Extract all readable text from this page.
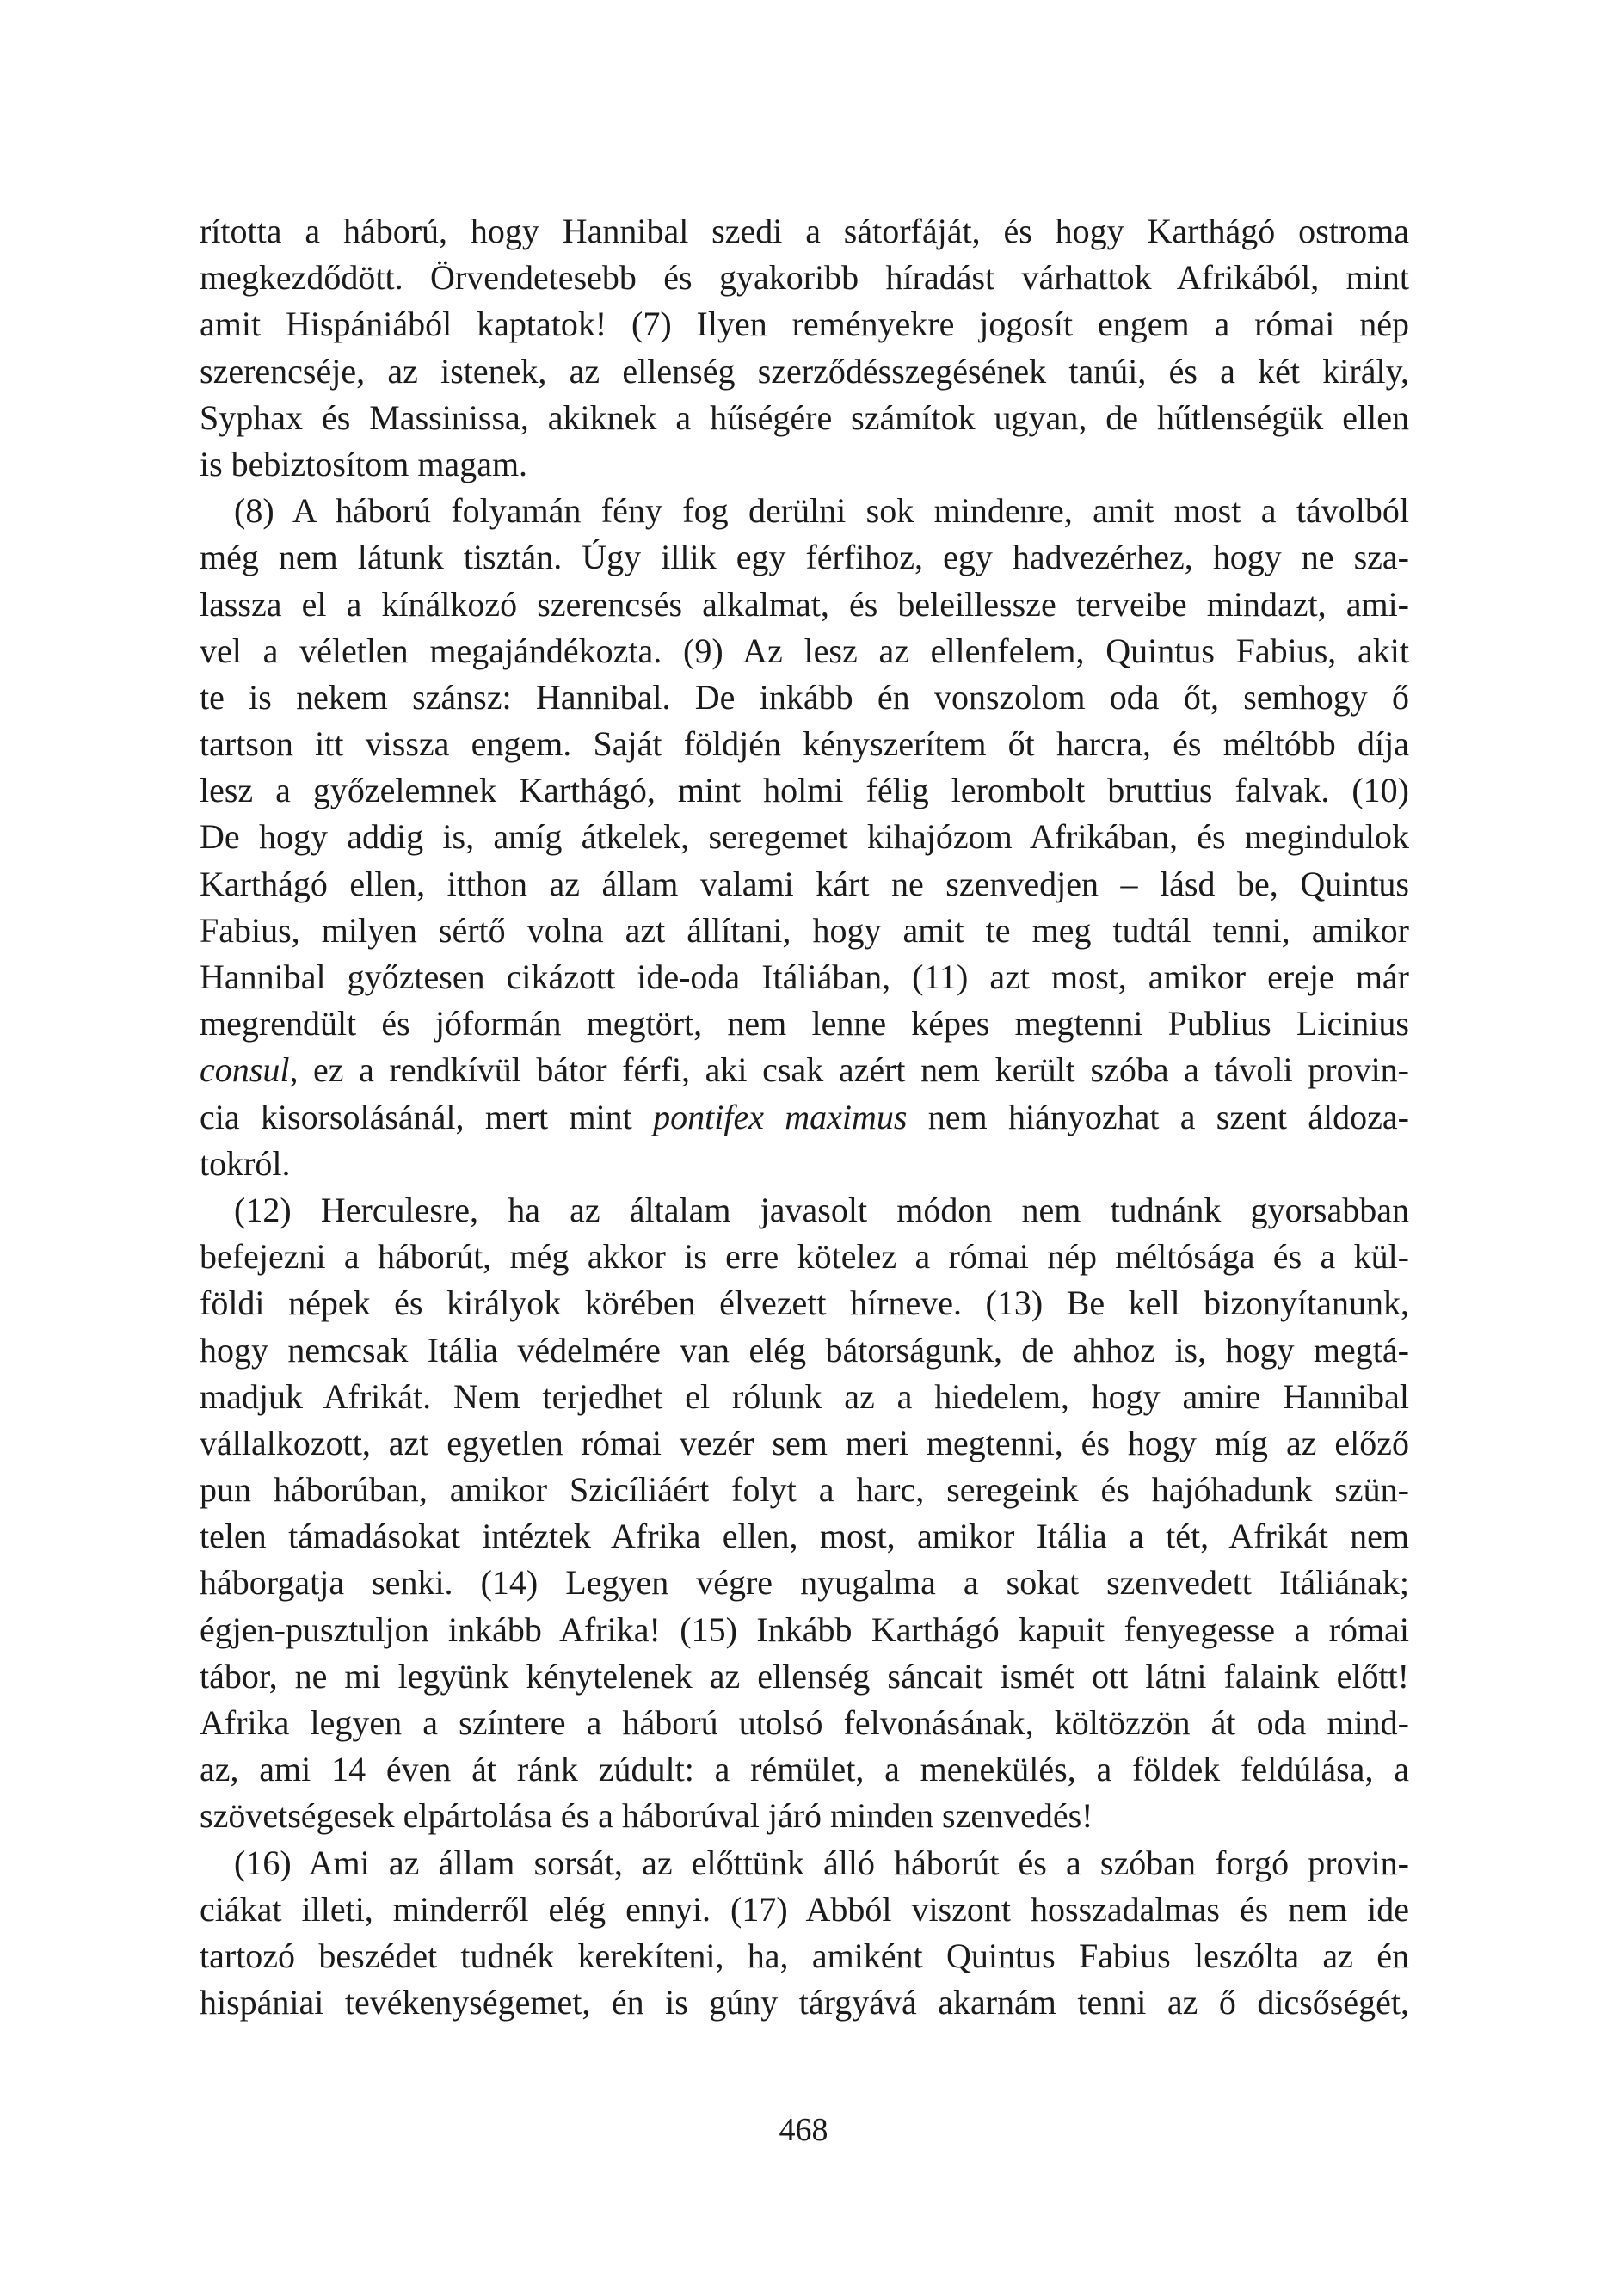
rította a háború, hogy Hannibal szedi a sátorfáját, és hogy Karthágó ostroma
megkezdődött. Örvendetesebb és gyakoribb híradást várhattok Afrikából, mint
amit Hispániából kaptatok! (7) Ilyen reményekre jogosít engem a római nép
szerencséje, az istenek, az ellenség szerződésszegésének tanúi, és a két király,
Syphax és Massinissa, akiknek a hűségére számítok ugyan, de hűtlenségük ellen
is bebiztosítom magam.
(8) A háború folyamán fény fog derülni sok mindenre, amit most a távolból
még nem látunk tisztán. Úgy illik egy férfihoz, egy hadvezérhez, hogy ne sza-
lassza el a kínálkozó szerencsés alkalmat, és beleillessze terveibe mindazt, ami-
vel a véletlen megajándékozta. (9) Az lesz az ellenfelem, Quintus Fabius, akit
te is nekem szánsz: Hannibal. De inkább én vonszolom oda őt, semhogy ő
tartson itt vissza engem. Saját földjén kényszerítem őt harcra, és méltóbb díja
lesz a győzelemnek Karthágó, mint holmi félig lerombolt bruttius falvak. (10)
De hogy addig is, amíg átkelek, seregemet kihajózom Afrikában, és megindulok
Karthágó ellen, itthon az állam valami kárt ne szenvedjen – lásd be, Quintus
Fabius, milyen sértő volna azt állítani, hogy amit te meg tudtál tenni, amikor
Hannibal győztesen cikázott ide-oda Itáliában, (11) azt most, amikor ereje már
megrendült és jóformán megtört, nem lenne képes megtenni Publius Licinius
consul, ez a rendkívül bátor férfi, aki csak azért nem került szóba a távoli provin-
cia kisorsolásánál, mert mint pontifex maximus nem hiányozhat a szent áldoza-
tokról.
(12) Herculesre, ha az általam javasolt módon nem tudnánk gyorsabban
befejezni a háborút, még akkor is erre kötelez a római nép méltósága és a kül-
földi népek és királyok körében élvezett hírneve. (13) Be kell bizonyítanunk,
hogy nemcsak Itália védelmére van elég bátorságunk, de ahhoz is, hogy megtá-
madjuk Afrikát. Nem terjedhet el rólunk az a hiedelem, hogy amire Hannibal
vállalkozott, azt egyetlen római vezér sem meri megtenni, és hogy míg az előző
pun háborúban, amikor Szicíliáért folyt a harc, seregeink és hajóhadunk szün-
telen támadásokat intéztek Afrika ellen, most, amikor Itália a tét, Afrikát nem
háborgatja senki. (14) Legyen végre nyugalma a sokat szenvedett Itáliának;
égjen-pusztuljon inkább Afrika! (15) Inkább Karthágó kapuit fenyegesse a római
tábor, ne mi legyünk kénytelenek az ellenség sáncait ismét ott látni falaink előtt!
Afrika legyen a színtere a háború utolsó felvonásának, költözzön át oda mind-
az, ami 14 éven át ránk zúdult: a rémület, a menekülés, a földek feldúlása, a
szövetségesek elpártolása és a háborúval járó minden szenvedés!
(16) Ami az állam sorsát, az előttünk álló háborút és a szóban forgó provin-
ciákat illeti, minderről elég ennyi. (17) Abból viszont hosszadalmas és nem ide
tartozó beszédet tudnék kerekíteni, ha, amiként Quintus Fabius leszólta az én
hispániai tevékenységemet, én is gúny tárgyává akarnám tenni az ő dicsőségét,
468
